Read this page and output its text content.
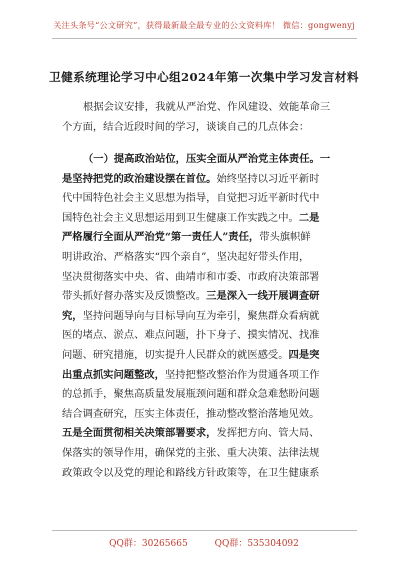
关注头条号“公文研究”，获得最新最全最专业的公文资料库！ 微信：gongwenyj
卫健系统理论学习中心组2024年第一次集中学习发言材料
根据会议安排，我就从严治党、作风建设、效能革命三
个方面，结合近段时间的学习，谈谈自己的几点体会：
（一）提高政治站位，压实全面从严治党主体责任。一
是坚持把党的政治建设摆在首位。始终坚持以习近平新时
代中国特色社会主义思想为指导，自觉把习近平新时代中
国特色社会主义思想运用到卫生健康工作实践之中。二是
严格履行全面从严治党“第一责任人”责任，带头旗帜鲜
明讲政治、严格落实“四个亲自”，坚决起好带头作用，
坚决贯彻落实中央、省、曲靖市和市委、市政府决策部署
带头抓好督办落实及反馈整改。三是深入一线开展调查研
究，坚持问题导向与目标导向互为牵引，聚焦群众看病就
医的堵点、淤点、难点问题，扑下身子、摸实情况、找准
问题、研究措施，切实提升人民群众的就医感受。四是突
出重点抓实问题整改，坚持把整改整治作为贯通各项工作
的总抓手，聚焦高质量发展瓶颈问题和群众急难愁盼问题
结合调查研究，压实主体责任，推动整改整治落地见效。
五是全面贯彻相关决策部署要求，发挥把方向、管大局、
保落实的领导作用，确保党的主张、重大决策、法律法规
政策政令以及党的理论和路线方针政策等，在卫生健康系
QQ群：30265665	QQ群：535304092
